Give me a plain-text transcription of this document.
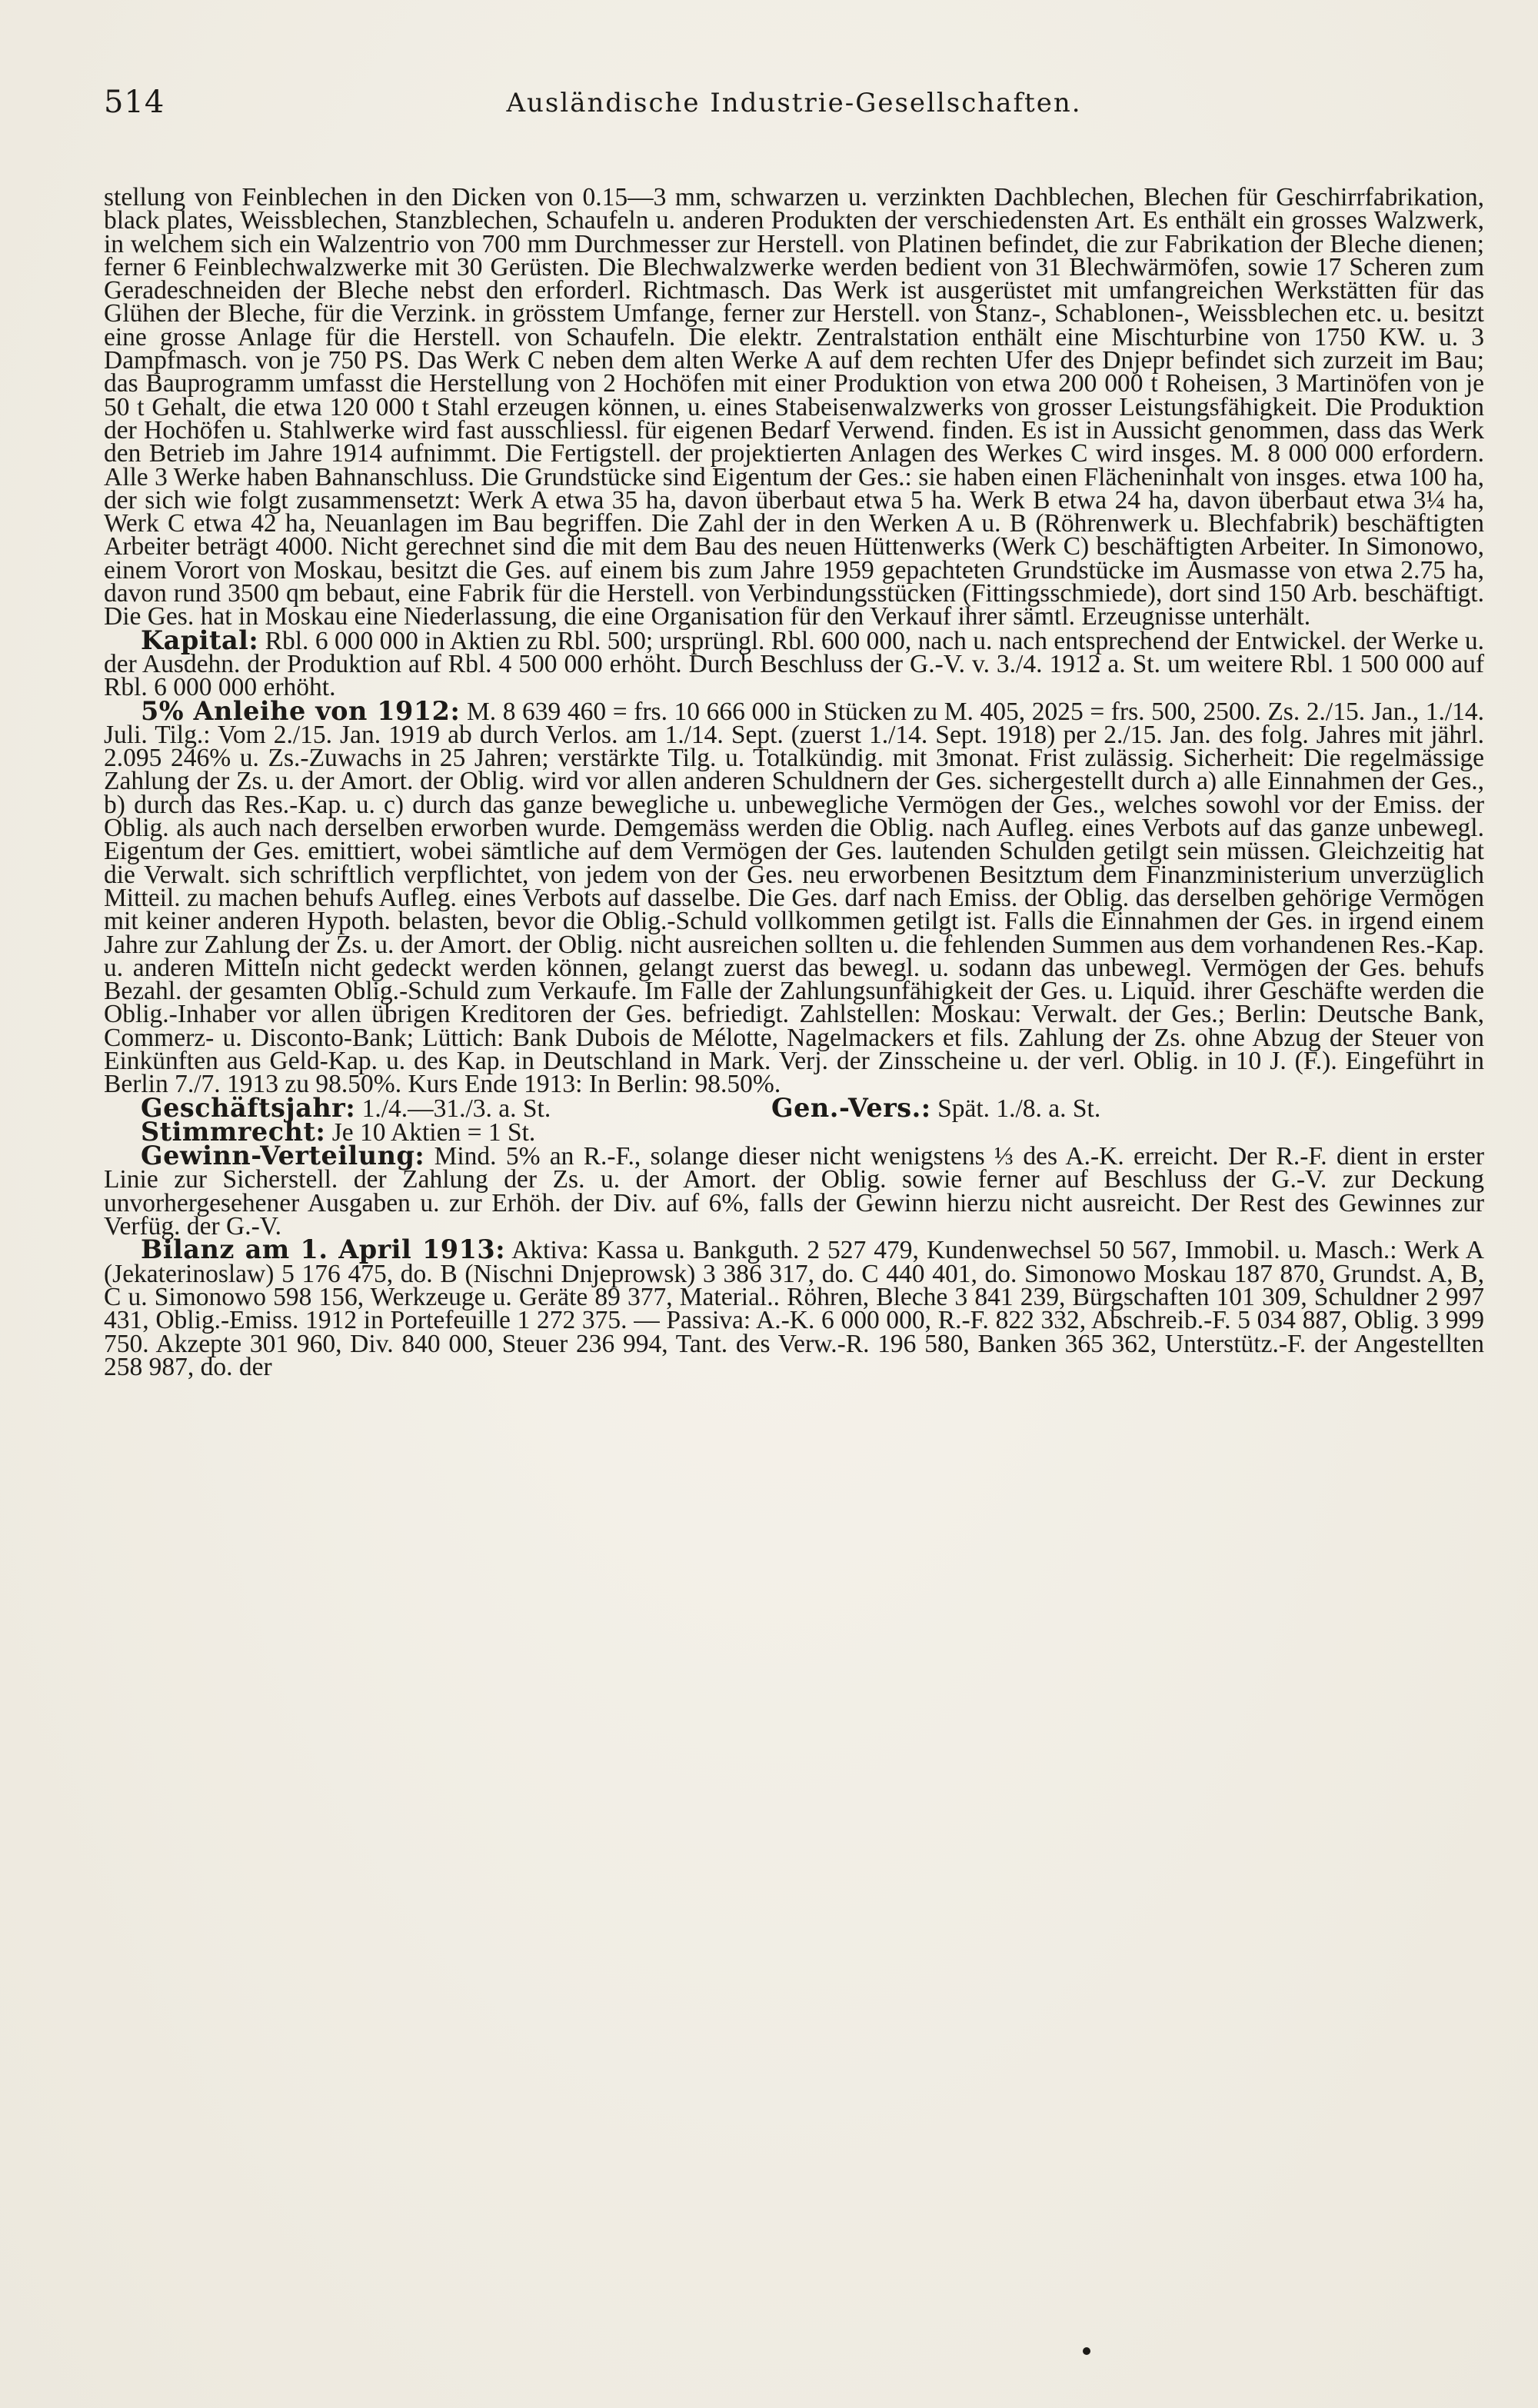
514	Ausländische Industrie-Gesellschaften.

stellung von Feinblechen in den Dicken von 0.15—3 mm, schwarzen u. verzinkten Dachblechen, Blechen für Geschirrfabrikation, black plates, Weissblechen, Stanzblechen, Schaufeln u. anderen Produkten der verschiedensten Art. Es enthält ein grosses Walzwerk, in welchem sich ein Walzentrio von 700 mm Durchmesser zur Herstell. von Platinen befindet, die zur Fabrikation der Bleche dienen; ferner 6 Feinblechwalzwerke mit 30 Gerüsten. Die Blechwalzwerke werden bedient von 31 Blechwärmöfen, sowie 17 Scheren zum Geradeschneiden der Bleche nebst den erforderl. Richtmasch. Das Werk ist ausgerüstet mit umfangreichen Werkstätten für das Glühen der Bleche, für die Verzink. in grösstem Umfange, ferner zur Herstell. von Stanz-, Schablonen-, Weissblechen etc. u. besitzt eine grosse Anlage für die Herstell. von Schaufeln. Die elektr. Zentralstation enthält eine Mischturbine von 1750 KW. u. 3 Dampfmasch. von je 750 PS. Das Werk C neben dem alten Werke A auf dem rechten Ufer des Dnjepr befindet sich zurzeit im Bau; das Bauprogramm umfasst die Herstellung von 2 Hochöfen mit einer Produktion von etwa 200 000 t Roheisen, 3 Martinöfen von je 50 t Gehalt, die etwa 120 000 t Stahl erzeugen können, u. eines Stabeisenwalzwerks von grosser Leistungsfähigkeit. Die Produktion der Hochöfen u. Stahlwerke wird fast ausschliessl. für eigenen Bedarf Verwend. finden. Es ist in Aussicht genommen, dass das Werk den Betrieb im Jahre 1914 aufnimmt. Die Fertigstell. der projektierten Anlagen des Werkes C wird insges. M. 8 000 000 erfordern. Alle 3 Werke haben Bahnanschluss. Die Grundstücke sind Eigentum der Ges.: sie haben einen Flächeninhalt von insges. etwa 100 ha, der sich wie folgt zusammensetzt: Werk A etwa 35 ha, davon überbaut etwa 5 ha. Werk B etwa 24 ha, davon überbaut etwa 3¼ ha, Werk C etwa 42 ha, Neuanlagen im Bau begriffen. Die Zahl der in den Werken A u. B (Röhrenwerk u. Blechfabrik) beschäftigten Arbeiter beträgt 4000. Nicht gerechnet sind die mit dem Bau des neuen Hüttenwerks (Werk C) beschäftigten Arbeiter. In Simonowo, einem Vorort von Moskau, besitzt die Ges. auf einem bis zum Jahre 1959 gepachteten Grundstücke im Ausmasse von etwa 2.75 ha, davon rund 3500 qm bebaut, eine Fabrik für die Herstell. von Verbindungsstücken (Fittingsschmiede), dort sind 150 Arb. beschäftigt. Die Ges. hat in Moskau eine Niederlassung, die eine Organisation für den Verkauf ihrer sämtl. Erzeugnisse unterhält.

Kapital: Rbl. 6 000 000 in Aktien zu Rbl. 500; ursprüngl. Rbl. 600 000, nach u. nach entsprechend der Entwickel. der Werke u. der Ausdehn. der Produktion auf Rbl. 4 500 000 erhöht. Durch Beschluss der G.-V. v. 3./4. 1912 a. St. um weitere Rbl. 1 500 000 auf Rbl. 6 000 000 erhöht.

5% Anleihe von 1912: M. 8 639 460 = frs. 10 666 000 in Stücken zu M. 405, 2025 = frs. 500, 2500. Zs. 2./15. Jan., 1./14. Juli. Tilg.: Vom 2./15. Jan. 1919 ab durch Verlos. am 1./14. Sept. (zuerst 1./14. Sept. 1918) per 2./15. Jan. des folg. Jahres mit jährl. 2.095 246% u. Zs.-Zuwachs in 25 Jahren; verstärkte Tilg. u. Totalkündig. mit 3monat. Frist zulässig. Sicherheit: Die regelmässige Zahlung der Zs. u. der Amort. der Oblig. wird vor allen anderen Schuldnern der Ges. sichergestellt durch a) alle Einnahmen der Ges., b) durch das Res.-Kap. u. c) durch das ganze bewegliche u. unbewegliche Vermögen der Ges., welches sowohl vor der Emiss. der Oblig. als auch nach derselben erworben wurde. Demgemäss werden die Oblig. nach Aufleg. eines Verbots auf das ganze unbewegl. Eigentum der Ges. emittiert, wobei sämtliche auf dem Vermögen der Ges. lautenden Schulden getilgt sein müssen. Gleichzeitig hat die Verwalt. sich schriftlich verpflichtet, von jedem von der Ges. neu erworbenen Besitztum dem Finanzministerium unverzüglich Mitteil. zu machen behufs Aufleg. eines Verbots auf dasselbe. Die Ges. darf nach Emiss. der Oblig. das derselben gehörige Vermögen mit keiner anderen Hypoth. belasten, bevor die Oblig.-Schuld vollkommen getilgt ist. Falls die Einnahmen der Ges. in irgend einem Jahre zur Zahlung der Zs. u. der Amort. der Oblig. nicht ausreichen sollten u. die fehlenden Summen aus dem vorhandenen Res.-Kap. u. anderen Mitteln nicht gedeckt werden können, gelangt zuerst das bewegl. u. sodann das unbewegl. Vermögen der Ges. behufs Bezahl. der gesamten Oblig.-Schuld zum Verkaufe. Im Falle der Zahlungsunfähigkeit der Ges. u. Liquid. ihrer Geschäfte werden die Oblig.-Inhaber vor allen übrigen Kreditoren der Ges. befriedigt. Zahlstellen: Moskau: Verwalt. der Ges.; Berlin: Deutsche Bank, Commerz- u. Disconto-Bank; Lüttich: Bank Dubois de Mélotte, Nagelmackers et fils. Zahlung der Zs. ohne Abzug der Steuer von Einkünften aus Geld-Kap. u. des Kap. in Deutschland in Mark. Verj. der Zinsscheine u. der verl. Oblig. in 10 J. (F.). Eingeführt in Berlin 7./7. 1913 zu 98.50%. Kurs Ende 1913: In Berlin: 98.50%.

Geschäftsjahr: 1./4.—31./3. a. St.	Gen.-Vers.: Spät. 1./8. a. St.

Stimmrecht: Je 10 Aktien = 1 St.

Gewinn-Verteilung: Mind. 5% an R.-F., solange dieser nicht wenigstens ⅓ des A.-K. erreicht. Der R.-F. dient in erster Linie zur Sicherstell. der Zahlung der Zs. u. der Amort. der Oblig. sowie ferner auf Beschluss der G.-V. zur Deckung unvorhergesehener Ausgaben u. zur Erhöh. der Div. auf 6%, falls der Gewinn hierzu nicht ausreicht. Der Rest des Gewinnes zur Verfüg. der G.-V.

Bilanz am 1. April 1913: Aktiva: Kassa u. Bankguth. 2 527 479, Kundenwechsel 50 567, Immobil. u. Masch.: Werk A (Jekaterinoslaw) 5 176 475, do. B (Nischni Dnjeprowsk) 3 386 317, do. C 440 401, do. Simonowo Moskau 187 870, Grundst. A, B, C u. Simonowo 598 156, Werkzeuge u. Geräte 89 377, Material.. Röhren, Bleche 3 841 239, Bürgschaften 101 309, Schuldner 2 997 431, Oblig.-Emiss. 1912 in Portefeuille 1 272 375. — Passiva: A.-K. 6 000 000, R.-F. 822 332, Abschreib.-F. 5 034 887, Oblig. 3 999 750. Akzepte 301 960, Div. 840 000, Steuer 236 994, Tant. des Verw.-R. 196 580, Banken 365 362, Unterstütz.-F. der Angestellten 258 987, do. der
